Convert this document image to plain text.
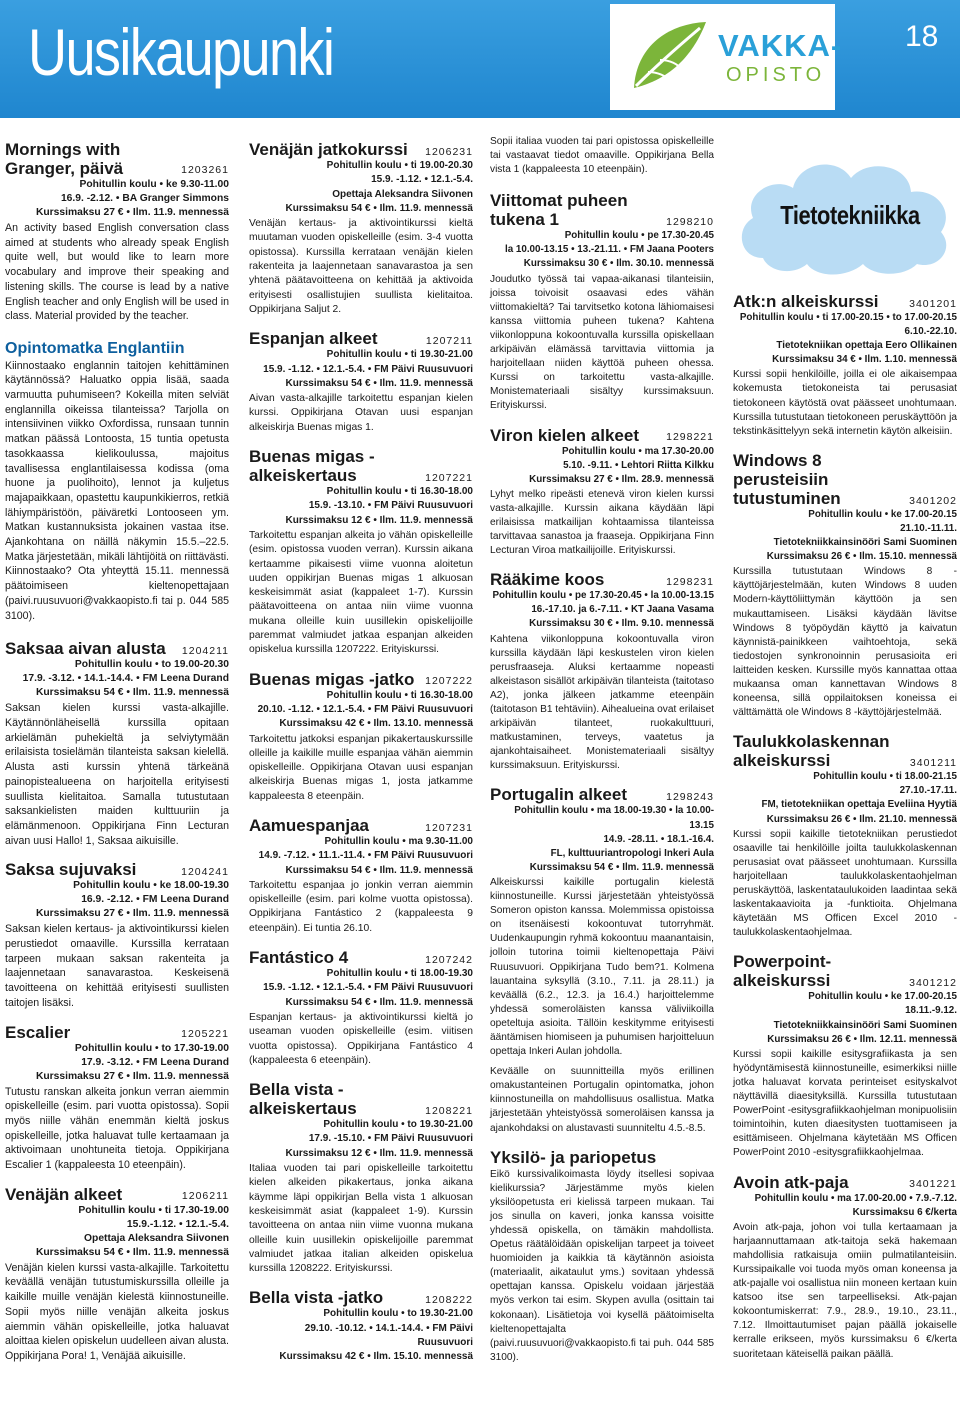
Uusikaupunki	VAKKA-
OPISTO
18
Mornings with Granger, päivä	1203261
Pohitullin koulu • ke 9.30-11.00
16.9. -2.12. • BA Granger Simmons
Kurssimaksu 27 € • Ilm. 11.9. mennessä
An activity based English conversation class aimed at students who already speak English quite well, but would like to learn more vocabulary and improve their speaking and listening skills. The course is lead by a native English teacher and only English will be used in class. Material provided by the teacher.
Opintomatka Englantiin
Kiinnostaako englannin taitojen kehittäminen käytännössä? Haluatko oppia lisää, saada varmuutta puhumiseen? Kokeilla miten selviät englannilla oikeissa tilanteissa? Tarjolla on intensiivinen viikko Oxfordissa, runsaan tunnin matkan päässä Lontoosta, 15 tuntia opetusta tasokkaassa kielikoulussa, majoitus tavallisessa englantilaisessa kodissa (oma huone ja puolihoito), lennot ja kuljetus majapaikkaan, opastettu kaupunkikierros, retkiä lähiympäristöön, päiväretki Lontooseen ym. Matkan kustannuksista jokainen vastaa itse. Ajankohtana on näillä näkymin 15.5.–22.5. Matka järjestetään, mikäli lähtijöitä on riittävästi. Kiinnostaako? Ota yhteyttä 15.11. mennessä päätoimiseen kieltenopettajaan (paivi.ruusuvuori@vakkaopisto.fi tai p. 044 585 3100).
Saksaa aivan alusta	1204211
Pohitullin koulu • to 19.00-20.30
17.9. -3.12. • 14.1.-14.4. • FM Leena Durand
Kurssimaksu 54 € • Ilm. 11.9. mennessä
Saksan kielen kurssi vasta-alkajille. Käytännönläheisellä kurssilla opitaan arkielämän puhekieltä ja selviytymään erilaisista tosielämän tilanteista saksan kielellä. Alusta asti kurssin yhtenä tärkeänä painopistealueena on harjoitella erityisesti suullista kielitaitoa. Samalla tutustutaan saksankielisten maiden kulttuuriin ja elämänmenoon. Oppikirjana Finn Lecturan aivan uusi Hallo! 1, Saksaa aikuisille.
Saksa sujuvaksi	1204241
Pohitullin koulu • ke 18.00-19.30
16.9. -2.12. • FM Leena Durand
Kurssimaksu 27 € • Ilm. 11.9. mennessä
Saksan kielen kertaus- ja aktivointikurssi kielen perustiedot omaaville. Kurssilla kerrataan tarpeen mukaan saksan rakenteita ja laajennetaan sanavarastoa. Keskeisenä tavoitteena on kehittää erityisesti suullisten taitojen lisäksi.
Escalier	1205221
Pohitullin koulu • to 17.30-19.00
17.9. -3.12. • FM Leena Durand
Kurssimaksu 27 € • Ilm. 11.9. mennessä
Tutustu ranskan alkeita jonkun verran aiemmin opiskelleille (esim. pari vuotta opistossa). Sopii myös niille vähän enemmän kieltä joskus opiskelleille, jotka haluavat tulle kertaamaan ja aktivoimaan unohtuneita tietoja. Oppikirjana Escalier 1 (kappaleesta 10 eteenpäin).
Venäjän alkeet	1206211
Pohitullin koulu • ti 17.30-19.00
15.9.-1.12. • 12.1.-5.4.
Opettaja Aleksandra Siivonen
Kurssimaksu 54 € • Ilm. 11.9. mennessä
Venäjän kielen kurssi vasta-alkajille. Tarkoitettu keväällä venäjän tutustumiskurssilla olleille ja kaikille muille venäjän kielestä kiinnostuneille. Sopii myös niille venäjän alkeita joskus aiemmin vähän opiskelleille, jotka haluavat aloittaa kielen opiskelun uudelleen aivan alusta. Oppikirjana Pora! 1, Venäjää aikuisille.
Venäjän jatkokurssi	1206231
Pohitullin koulu • ti 19.00-20.30
15.9. -1.12. • 12.1.-5.4.
Opettaja Aleksandra Siivonen
Kurssimaksu 54 € • Ilm. 11.9. mennessä
Venäjän kertaus- ja aktivointikurssi kieltä muutaman vuoden opiskelleille (esim. 3-4 vuotta opistossa). Kurssilla kerrataan venäjän kielen rakenteita ja laajennetaan sanavarastoa ja sen yhtenä päätavoitteena on kehittää ja aktivoida erityisesti osallistujien suullista kielitaitoa. Oppikirjana Saljut 2.
Espanjan alkeet	1207211
Pohitullin koulu • ti 19.30-21.00
15.9. -1.12. • 12.1.-5.4. • FM Päivi Ruusuvuori
Kurssimaksu 54 € • Ilm. 11.9. mennessä
Aivan vasta-alkajille tarkoitettu espanjan kielen kurssi. Oppikirjana Otavan uusi espanjan alkeiskirja Buenas migas 1.
Buenas migas -alkeiskertaus	1207221
Pohitullin koulu • ti 16.30-18.00
15.9. -13.10. • FM Päivi Ruusuvuori
Kurssimaksu 12 € • Ilm. 11.9. mennessä
Tarkoitettu espanjan alkeita jo vähän opiskelleille (esim. opistossa vuoden verran). Kurssin aikana kertaamme pikaisesti viime vuonna aloitetun uuden oppikirjan Buenas migas 1 alkuosan keskeisimmät asiat (kappaleet 1-7). Kurssin päätavoitteena on antaa niin viime vuonna mukana olleille kuin uusillekin opiskelijoille paremmat valmiudet jatkaa espanjan alkeiden opiskelua kurssilla 1207222. Erityiskurssi.
Buenas migas -jatko	1207222
Pohitullin koulu • ti 16.30-18.00
20.10. -1.12. • 12.1.-5.4. • FM Päivi Ruusuvuori
Kurssimaksu 42 € • Ilm. 13.10. mennessä
Tarkoitettu jatkoksi espanjan pikakertauskurssille olleille ja kaikille muille espanjaa vähän aiemmin opiskelleille. Oppikirjana Otavan uusi espanjan alkeiskirja Buenas migas 1, josta jatkamme kappaleesta 8 eteenpäin.
Aamuespanjaa	1207231
Pohitullin koulu • ma 9.30-11.00
14.9. -7.12. • 11.1.-11.4. • FM Päivi Ruusuvuori
Kurssimaksu 54 € • Ilm. 11.9. mennessä
Tarkoitettu espanjaa jo jonkin verran aiemmin opiskelleille (esim. pari kolme vuotta opistossa). Oppikirjana Fantástico 2 (kappaleesta 9 eteenpäin). Ei tuntia 26.10.
Fantástico 4	1207242
Pohitullin koulu • ti 18.00-19.30
15.9. -1.12. • 12.1.-5.4. • FM Päivi Ruusuvuori
Kurssimaksu 54 € • Ilm. 11.9. mennessä
Espanjan kertaus- ja aktivointikurssi kieltä jo useaman vuoden opiskelleille (esim. viitisen vuotta opistossa). Oppikirjana Fantástico 4 (kappaleesta 6 eteenpäin).
Bella vista -alkeiskertaus	1208221
Pohitullin koulu • to 19.30-21.00
17.9. -15.10. • FM Päivi Ruusuvuori
Kurssimaksu 12 € • Ilm. 11.9. mennessä
Italiaa vuoden tai pari opiskelleille tarkoitettu kielen alkeiden pikakertaus, jonka aikana käymme läpi oppikirjan Bella vista 1 alkuosan keskeisimmät asiat (kappaleet 1-9). Kurssin tavoitteena on antaa niin viime vuonna mukana olleille kuin uusillekin opiskelijoille paremmat valmiudet jatkaa italian alkeiden opiskelua kurssilla 1208222. Erityiskurssi.
Bella vista -jatko	1208222
Pohitullin koulu • to 19.30-21.00
29.10. -10.12. • 14.1.-14.4. • FM Päivi Ruusuvuori
Kurssimaksu 42 € • Ilm. 15.10. mennessä
Sopii italiaa vuoden tai pari opistossa opiskelleille tai vastaavat tiedot omaaville. Oppikirjana Bella vista 1 (kappaleesta 10 eteenpäin).
Viittomat puheen tukena 1	1298210
Pohitullin koulu • pe 17.30-20.45
la 10.00-13.15 • 13.-21.11. • FM Jaana Pooters
Kurssimaksu 30 € • Ilm. 30.10. mennessä
Joudutko työssä tai vapaa-aikanasi tilanteisiin, joissa toivoisit osaavasi edes vähän viittomakieltä? Tai tarvitsetko kotona lähiomaisesi kanssa viittomia puheen tukena? Kahtena viikonloppuna kokoontuvalla kurssilla opiskellaan arkipäivän elämässä tarvittavia viittomia ja harjoitellaan niiden käyttöä puheen ohessa. Kurssi on tarkoitettu vasta-alkajille. Monistemateriaali sisältyy kurssimaksuun. Erityiskurssi.
Viron kielen alkeet	1298221
Pohitullin koulu • ma 17.30-20.00
5.10. -9.11. • Lehtori Riitta Kilkku
Kurssimaksu 27 € • Ilm. 28.9. mennessä
Lyhyt melko ripeästi etenevä viron kielen kurssi vasta-alkajille. Kurssin aikana käydään läpi erilaisissa matkailijan kohtaamissa tilanteissa tarvittavaa sanastoa ja fraaseja. Oppikirjana Finn Lecturan Viroa matkailijoille. Erityiskurssi.
Rääkime koos	1298231
Pohitullin koulu • pe 17.30-20.45 • la 10.00-13.15
16.-17.10. ja 6.-7.11. • KT Jaana Vasama
Kurssimaksu 30 € • Ilm. 9.10. mennessä
Kahtena viikonloppuna kokoontuvalla viron kurssilla käydään läpi keskustelen viron kielen perusfraaseja. Aluksi kertaamme nopeasti alkeistason sisällöt arkipäivän tilanteista (taitotaso A2), jonka jälkeen jatkamme eteenpäin (taitotason B1 tehtäviin). Aihealueina ovat erilaiset arkipäivän tilanteet, ruokakulttuuri, matkustaminen, terveys, vaatetus ja ajankohtaisaiheet. Monistemateriaali sisältyy kurssimaksuun. Erityiskurssi.
Portugalin alkeet	1298243
Pohitullin koulu • ma 18.00-19.30 • la 10.00-13.15
14.9. -28.11. • 18.1.-16.4.
FL, kulttuuriantropologi Inkeri Aula
Kurssimaksu 54 € • Ilm. 11.9. mennessä
Alkeiskurssi kaikille portugalin kielestä kiinnostuneille. Kurssi järjestetään yhteistyössä Someron opiston kanssa. Molemmissa opistoissa on itsenäisesti kokoontuvat tutorryhmät. Uudenkaupungin ryhmä kokoontuu maanantaisin, jolloin tutorina toimii kieltenopettaja Päivi Ruusuvuori. Oppikirjana Tudo bem?1. Kolmena lauantaina syksyllä (3.10., 7.11. ja 28.11.) ja keväällä (6.2., 12.3. ja 16.4.) harjoittelemme yhdessä someroläisten kanssa väliviikoilla opeteltuja asioita. Tällöin keskitymme erityisesti ääntämisen hiomiseen ja puhumisen harjoitteluun opettaja Inkeri Aulan johdolla.
Keväälle on suunnitteilla myös erillinen omakustanteinen Portugalin opintomatka, johon kiinnostuneilla on mahdollisuus osallistua. Matka järjestetään yhteistyössä someroläisen kanssa ja ajankohdaksi on alustavasti suunniteltu 4.5.-8.5.
Yksilö- ja pariopetus
Eikö kurssivalikoimasta löydy itsellesi sopivaa kielikurssia? Järjestämme myös kielen yksilöopetusta eri kielissä tarpeen mukaan. Tai jos sinulla on kaveri, jonka kanssa voisitte yhdessä opiskella, on tämäkin mahdollista. Opetus räätälöidään opiskelijan tarpeet ja toiveet huomioiden ja kaikkia tä käytännön asioista (materiaalit, aikataulut yms.) sovitaan yhdessä opettajan kanssa. Opiskelu voidaan järjestää myös verkon tai esim. Skypen avulla (osittain tai kokonaan). Lisätietoja voi kysellä päätoimiselta kieltenopettajalta (paivi.ruusuvuori@vakkaopisto.fi tai puh. 044 585 3100).
Tietotekniikka
Atk:n alkeiskurssi	3401201
Pohitullin koulu • ti 17.00-20.15 • to 17.00-20.15
6.10.-22.10.
Tietotekniikan opettaja Eero Ollikainen
Kurssimaksu 34 € • Ilm. 1.10. mennessä
Kurssi sopii henkilöille, joilla ei ole aikaisempaa kokemusta tietokoneista tai perusasiat tietokoneen käytöstä ovat päässeet unohtumaan. Kurssilla tutustutaan tietokoneen peruskäyttöön ja tekstinkäsittelyyn sekä internetin käytön alkeisiin.
Windows 8 perusteisiin tutustuminen	3401202
Pohitullin koulu • ke 17.00-20.15
21.10.-11.11.
Tietotekniikkainsinööri Sami Suominen
Kurssimaksu 26 € • Ilm. 15.10. mennessä
Kurssilla tutustutaan Windows 8 -käyttöjärjestelmään, kuten Windows 8 uuden Modern-käyttöliittymän käyttöön ja sen mukauttamiseen. Lisäksi käydään lävitse Windows 8 työpöydän käyttö ja kaivatun käynnistä-painikkeen vaihtoehtoja, sekä tiedostojen synkronoinnin perusasioita eri laitteiden kesken. Kurssille myös kannattaa ottaa mukaansa oman kannettavan Windows 8 koneensa, sillä oppilaitoksen koneissa ei välttämättä ole Windows 8 -käyttöjärjestelmää.
Taulukkolaskennan alkeiskurssi	3401211
Pohitullin koulu • ti 18.00-21.15
27.10.-17.11.
FM, tietotekniikan opettaja Eveliina Hyytiä
Kurssimaksu 26 € • Ilm. 21.10. mennessä
Kurssi sopii kaikille tietotekniikan perustiedot osaaville tai henkilöille joilta taulukkolaskennan perusasiat ovat päässeet unohtumaan. Kurssilla harjoitellaan taulukkolaskentaohjelman peruskäyttöä, laskentataulukoiden laadintaa sekä laskentakaavioita ja -funktioita. Ohjelmana käytetään MS Officen Excel 2010 -taulukkolaskentaohjelmaa.
Powerpoint-alkeiskurssi	3401212
Pohitullin koulu • ke 17.00-20.15
18.11.-9.12.
Tietotekniikkainsinööri Sami Suominen
Kurssimaksu 26 € • Ilm. 12.11. mennessä
Kurssi sopii kaikille esitysgrafiikasta ja sen hyödyntämisestä kiinnostuneille, esimerkiksi niille jotka haluavat korvata perinteiset esityskalvot näyttävillä diaesityksillä. Kurssilla tutustutaan PowerPoint -esitysgrafiikkaohjelman monipuolisiin toimintoihin, kuten diaesitysten tuottamiseen ja esittämiseen. Ohjelmana käytetään MS Officen PowerPoint 2010 -esitysgrafiikkaohjelmaa.
Avoin atk-paja	3401221
Pohitullin koulu • ma 17.00-20.00 • 7.9.-7.12.
Kurssimaksu 6 €/kerta
Avoin atk-paja, johon voi tulla kertaamaan ja harjaannuttamaan atk-taitoja sekä hakemaan mahdollisia ratkaisuja omiin pulmatilanteisiin. Kurssipaikalle voi tuoda myös oman koneensa ja atk-pajalle voi osallistua niin moneen kertaan kuin katsoo itse sen tarpeelliseksi. Atk-pajan kokoontumiskerrat: 7.9., 28.9., 19.10., 23.11., 7.12. Ilmoittautumiset pajan päällä jokaiselle kerralle erikseen, myös kurssimaksu 6 €/kerta suoritetaan käteisellä paikan päällä.
